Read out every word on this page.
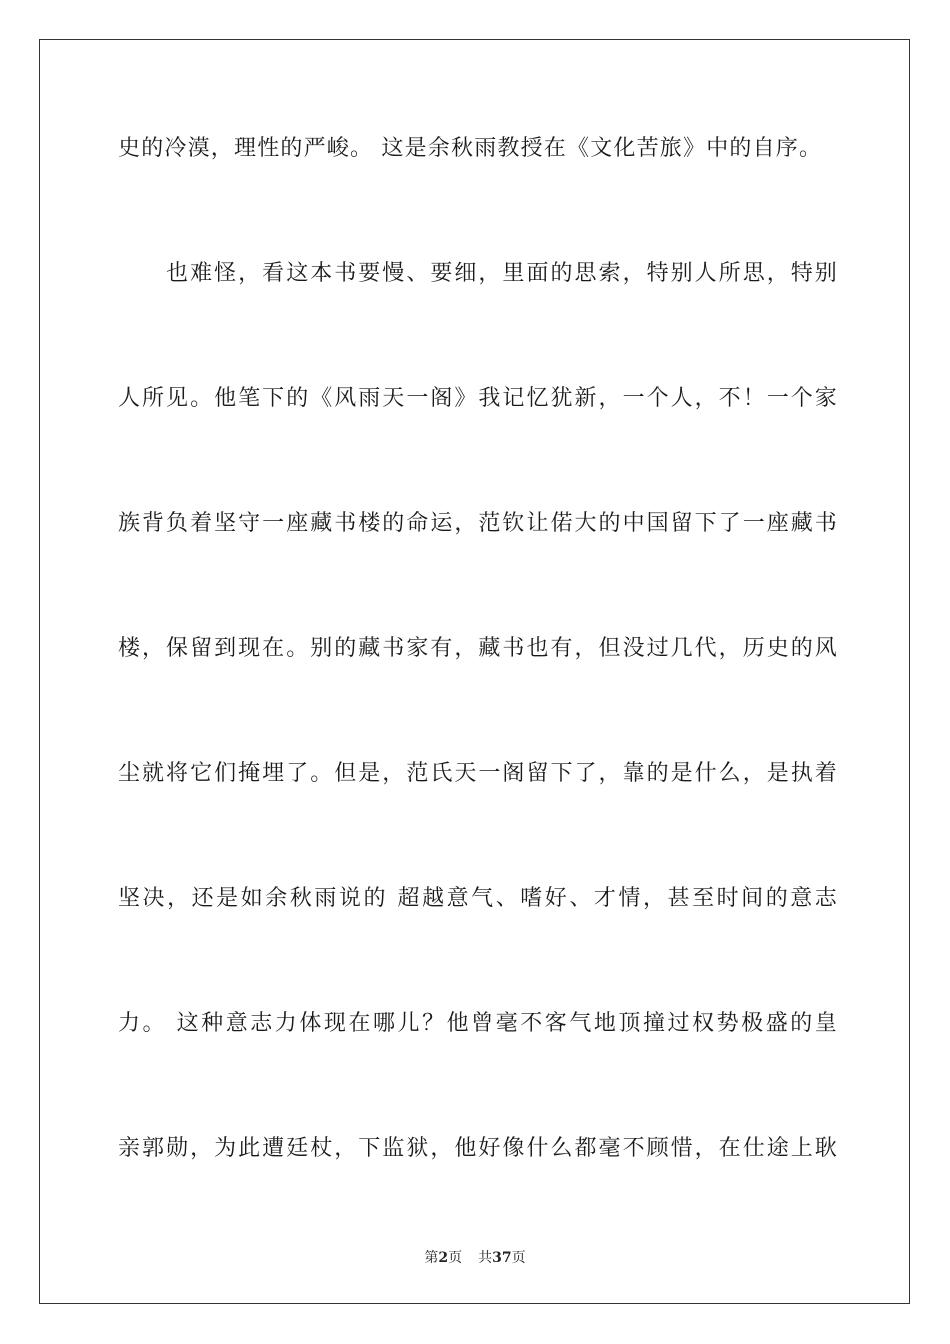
史的冷漠，理性的严峻。 这是余秋雨教授在《文化苦旅》中的自序。
　　也难怪，看这本书要慢、要细，里面的思索，特别人所思，特别
人所见。他笔下的《风雨天一阁》我记忆犹新，一个人，不！一个家
族背负着坚守一座藏书楼的命运，范钦让偌大的中国留下了一座藏书
楼，保留到现在。别的藏书家有，藏书也有，但没过几代，历史的风
尘就将它们掩埋了。但是，范氏天一阁留下了，靠的是什么，是执着
坚决，还是如余秋雨说的 超越意气、嗜好、才情，甚至时间的意志
力。 这种意志力体现在哪儿？他曾毫不客气地顶撞过权势极盛的皇
亲郭勋，为此遭廷杖，下监狱，他好像什么都毫不顾惜，在仕途上耿
第2页 共37页
